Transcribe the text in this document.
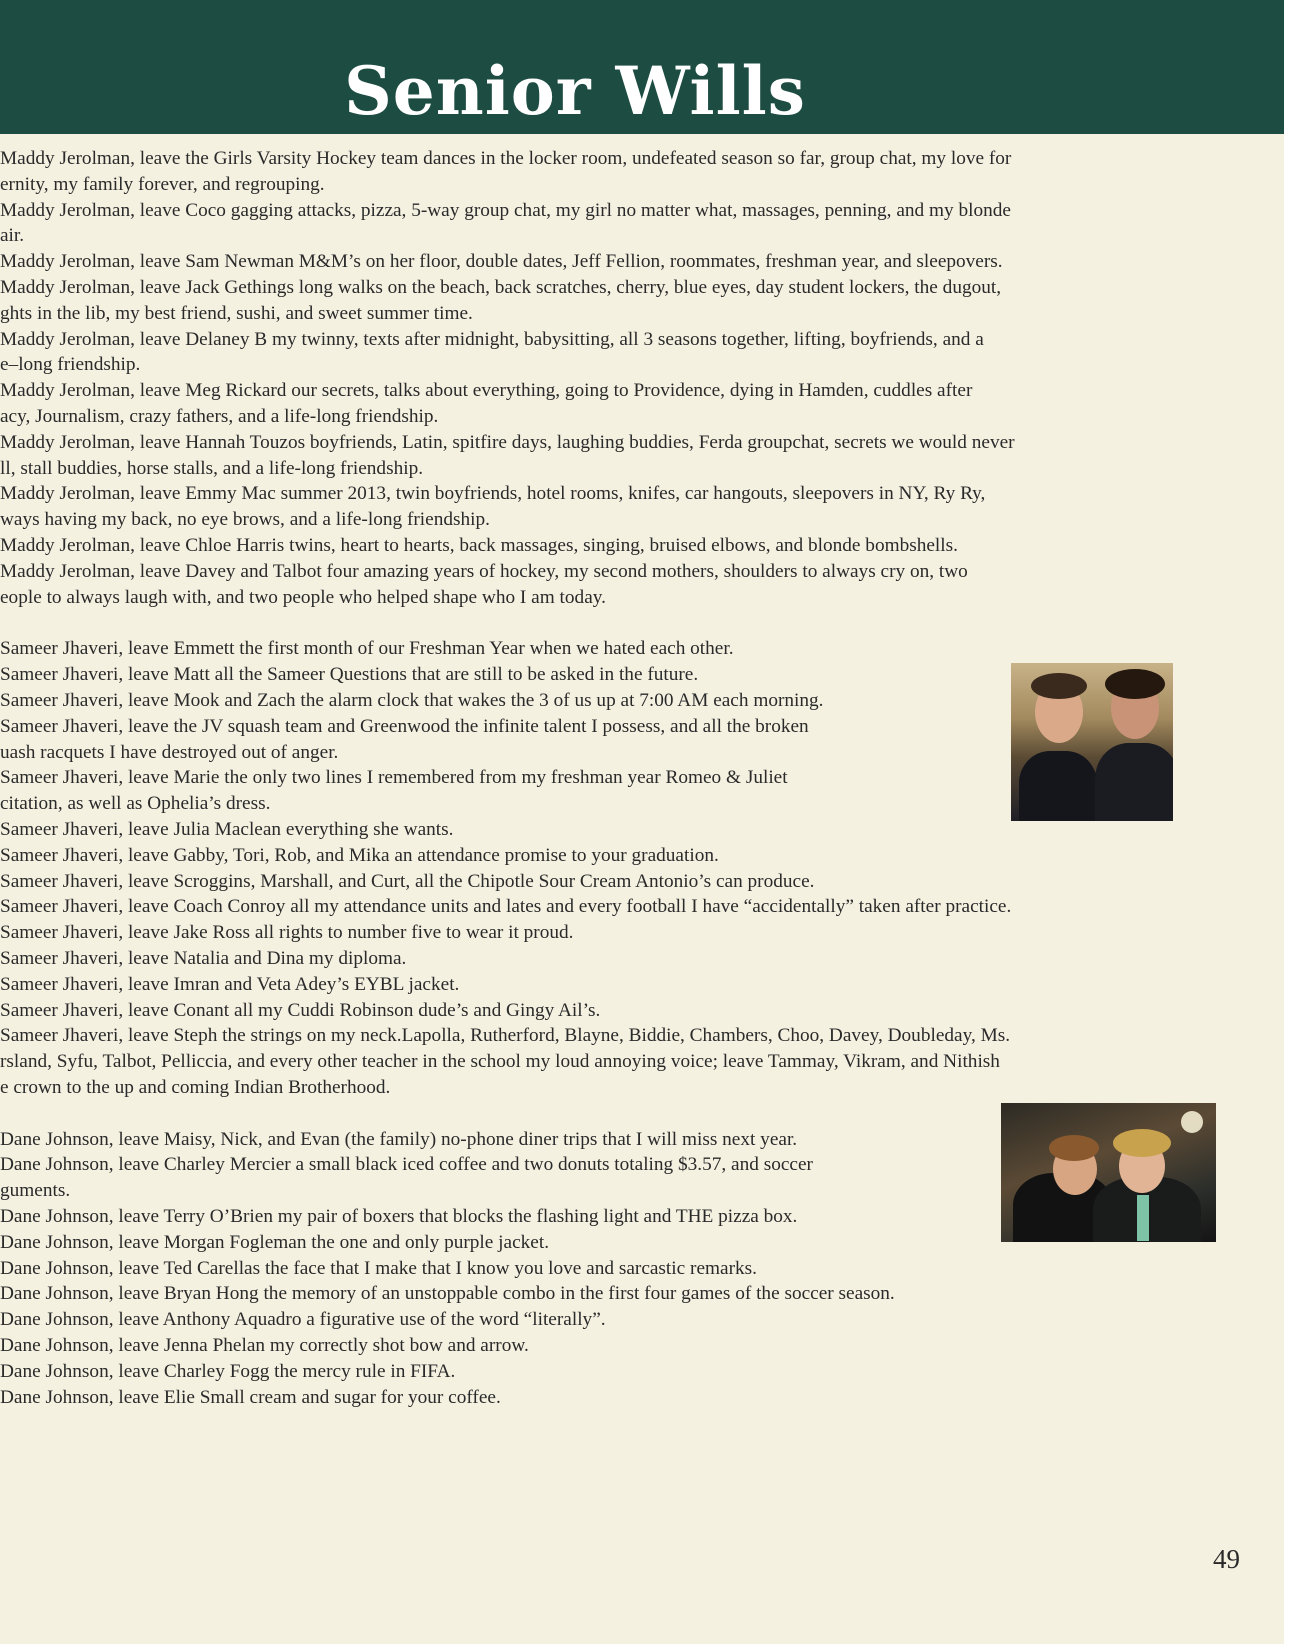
Senior Wills
Maddy Jerolman, leave the Girls Varsity Hockey team dances in the locker room, undefeated season so far, group chat, my love for
ernity, my family forever, and regrouping.
Maddy Jerolman, leave Coco gagging attacks, pizza, 5-way group chat, my girl no matter what, massages, penning, and my blonde
air.
Maddy Jerolman, leave Sam Newman M&M’s on her floor, double dates, Jeff Fellion, roommates, freshman year, and sleepovers.
Maddy Jerolman, leave Jack Gethings long walks on the beach, back scratches, cherry, blue eyes, day student lockers, the dugout,
ghts in the lib, my best friend, sushi, and sweet summer time.
Maddy Jerolman, leave Delaney B my twinny, texts after midnight, babysitting, all 3 seasons together, lifting, boyfriends, and a
e–long friendship.
Maddy Jerolman, leave Meg Rickard our secrets, talks about everything, going to Providence, dying in Hamden, cuddles after
acy, Journalism, crazy fathers, and a life-long friendship.
Maddy Jerolman, leave Hannah Touzos boyfriends, Latin, spitfire days, laughing buddies, Ferda groupchat, secrets we would never
ll, stall buddies, horse stalls, and a life-long friendship.
Maddy Jerolman, leave Emmy Mac summer 2013, twin boyfriends, hotel rooms, knifes, car hangouts, sleepovers in NY, Ry Ry,
ways having my back, no eye brows, and a life-long friendship.
Maddy Jerolman, leave Chloe Harris twins, heart to hearts, back massages, singing, bruised elbows, and blonde bombshells.
Maddy Jerolman, leave Davey and Talbot four amazing years of hockey, my second mothers, shoulders to always cry on, two
eople to always laugh with, and two people who helped shape who I am today.
Sameer Jhaveri, leave Emmett the first month of our Freshman Year when we hated each other.
Sameer Jhaveri, leave Matt all the Sameer Questions that are still to be asked in the future.
Sameer Jhaveri, leave Mook and Zach the alarm clock that wakes the 3 of us up at 7:00 AM each morning.
Sameer Jhaveri, leave the JV squash team and Greenwood the infinite talent I possess, and all the broken
uash racquets I have destroyed out of anger.
Sameer Jhaveri, leave Marie the only two lines I remembered from my freshman year Romeo & Juliet
citation, as well as Ophelia’s dress.
Sameer Jhaveri, leave Julia Maclean everything she wants.
Sameer Jhaveri, leave Gabby, Tori, Rob, and Mika an attendance promise to your graduation.
Sameer Jhaveri, leave Scroggins, Marshall, and Curt, all the Chipotle Sour Cream Antonio’s can produce.
Sameer Jhaveri, leave Coach Conroy all my attendance units and lates and every football I have “accidentally” taken after practice.
Sameer Jhaveri, leave Jake Ross all rights to number five to wear it proud.
Sameer Jhaveri, leave Natalia and Dina my diploma.
Sameer Jhaveri, leave Imran and Veta Adey’s EYBL jacket.
Sameer Jhaveri, leave Conant all my Cuddi Robinson dude’s and Gingy Ail’s.
Sameer Jhaveri, leave Steph the strings on my neck.Lapolla, Rutherford, Blayne, Biddie, Chambers, Choo, Davey, Doubleday, Ms.
rsland, Syfu, Talbot, Pelliccia, and every other teacher in the school my loud annoying voice; leave Tammay, Vikram, and Nithish
e crown to the up and coming Indian Brotherhood.
Dane Johnson, leave Maisy, Nick, and Evan (the family) no-phone diner trips that I will miss next year.
Dane Johnson, leave Charley Mercier a small black iced coffee and two donuts totaling $3.57, and soccer
guments.
Dane Johnson, leave Terry O’Brien my pair of boxers that blocks the flashing light and THE pizza box.
Dane Johnson, leave Morgan Fogleman the one and only purple jacket.
Dane Johnson, leave Ted Carellas the face that I make that I know you love and sarcastic remarks.
Dane Johnson, leave Bryan Hong the memory of an unstoppable combo in the first four games of the soccer season.
Dane Johnson, leave Anthony Aquadro a figurative use of the word “literally”.
Dane Johnson, leave Jenna Phelan my correctly shot bow and arrow.
Dane Johnson, leave Charley Fogg the mercy rule in FIFA.
Dane Johnson, leave Elie Small cream and sugar for your coffee.
49
